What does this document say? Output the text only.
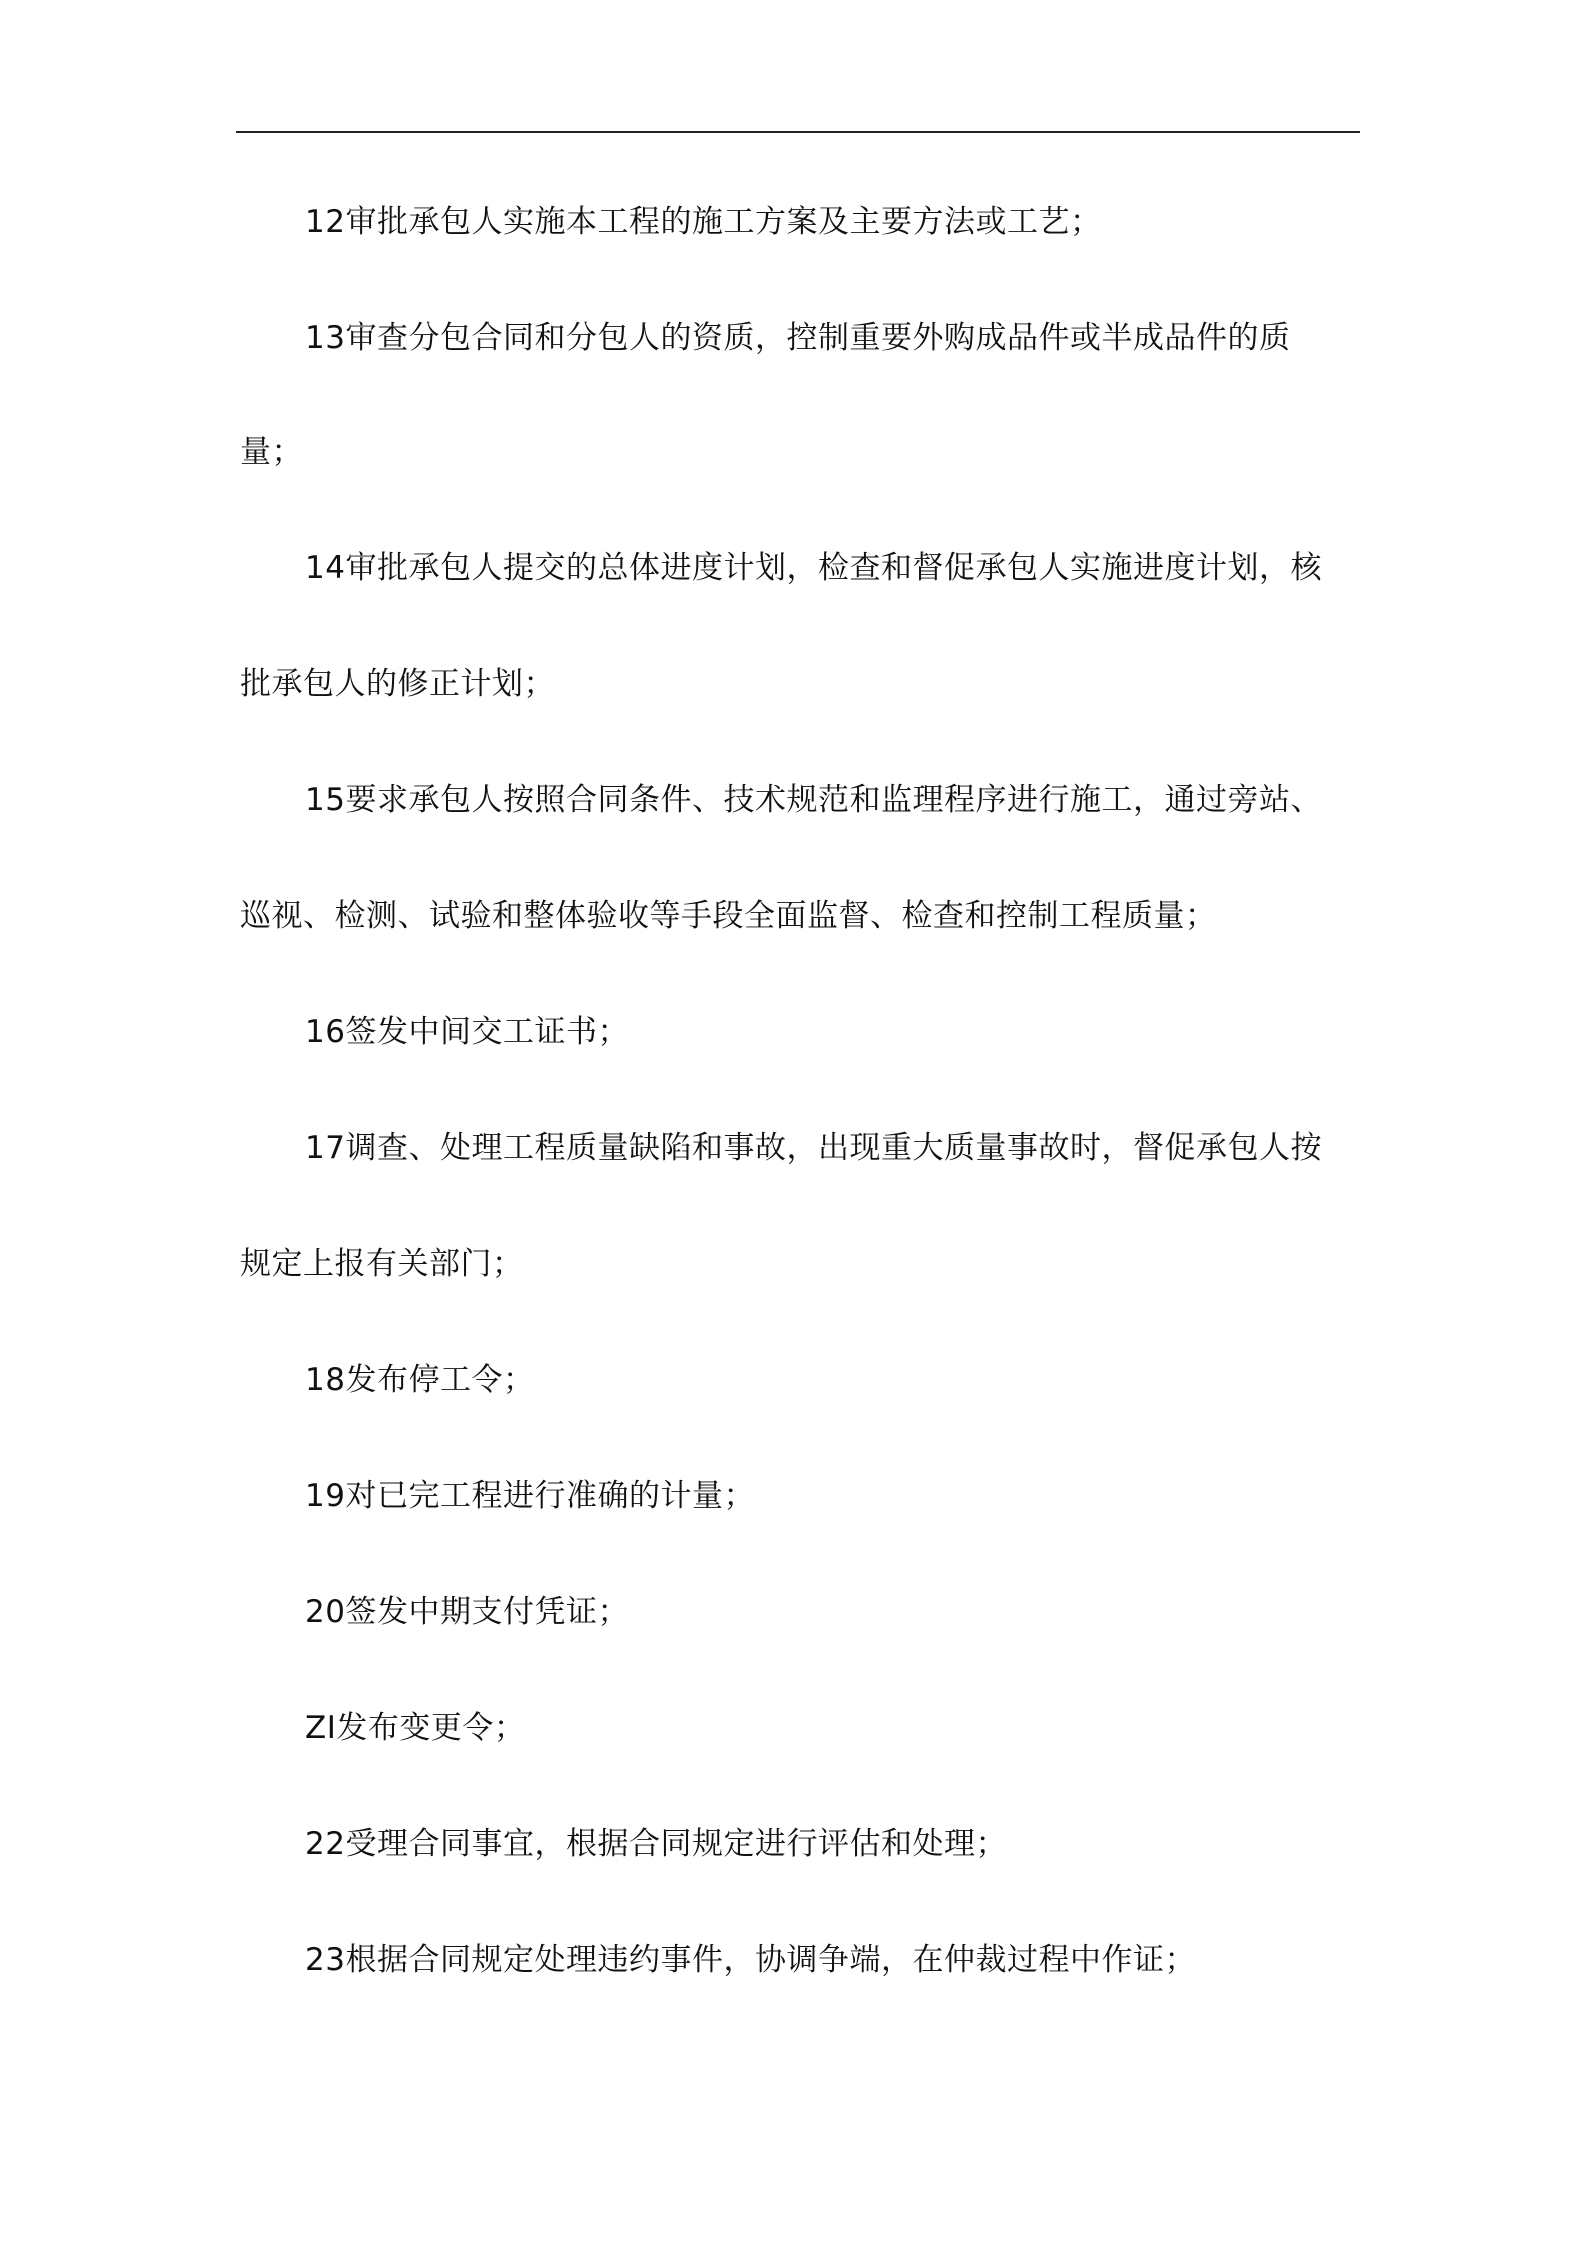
12审批承包人实施本工程的施工方案及主要方法或工艺；

13审查分包合同和分包人的资质，控制重要外购成品件或半成品件的质

量；

14审批承包人提交的总体进度计划，检查和督促承包人实施进度计划，核

批承包人的修正计划；

15要求承包人按照合同条件、技术规范和监理程序进行施工，通过旁站、

巡视、检测、试验和整体验收等手段全面监督、检查和控制工程质量；

16签发中间交工证书；

17调查、处理工程质量缺陷和事故，出现重大质量事故时，督促承包人按

规定上报有关部门；

18发布停工令；

19对已完工程进行准确的计量；

20签发中期支付凭证；

ZI发布变更令；

22受理合同事宜，根据合同规定进行评估和处理；

23根据合同规定处理违约事件，协调争端，在仲裁过程中作证；
